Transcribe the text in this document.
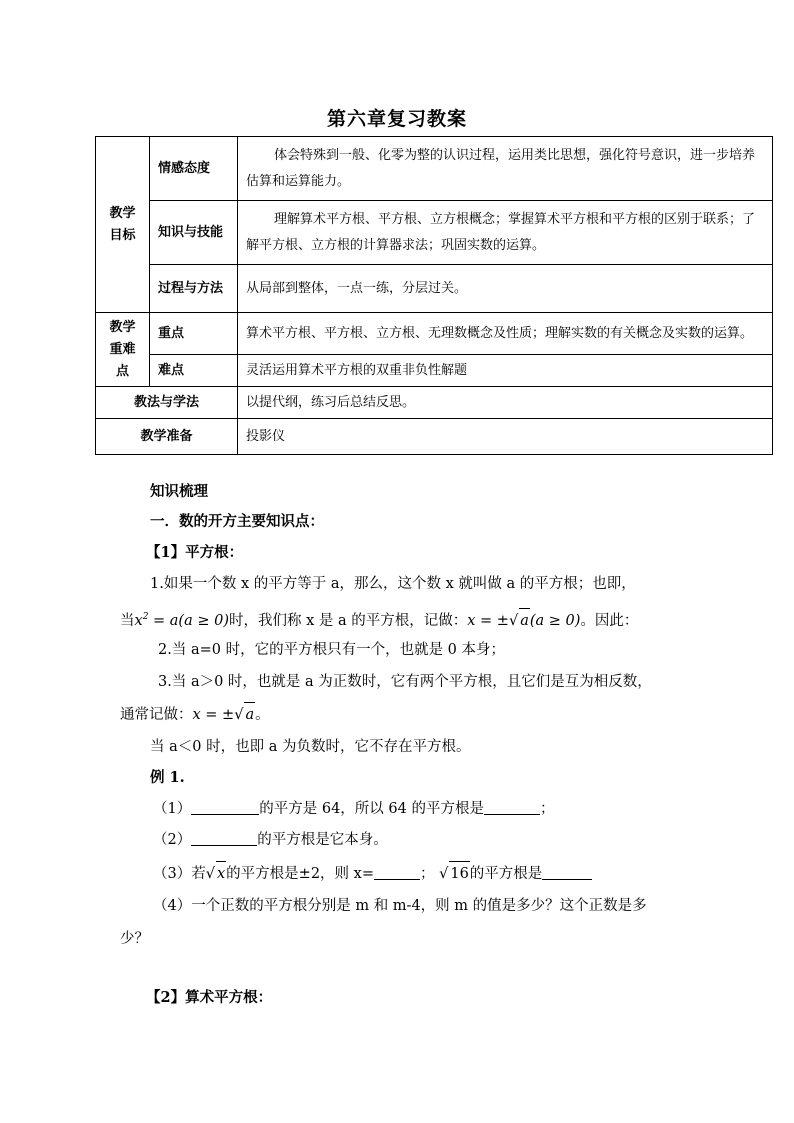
第六章复习教案
教学目标	情感态度	体会特殊到一般、化零为整的认识过程，运用类比思想，强化符号意识，进一步培养估算和运算能力。
	知识与技能	理解算术平方根、平方根、立方根概念；掌握算术平方根和平方根的区别于联系；了解平方根、立方根的计算器求法；巩固实数的运算。
	过程与方法	从局部到整体，一点一练，分层过关。
教学重难点	重点	算术平方根、平方根、立方根、无理数概念及性质；理解实数的有关概念及实数的运算。
	难点	灵活运用算术平方根的双重非负性解题
教法与学法		以提代纲，练习后总结反思。
教学准备		投影仪
知识梳理
一．数的开方主要知识点：
【1】平方根：
1.如果一个数 x 的平方等于 a，那么，这个数 x 就叫做 a 的平方根；也即，
当$x^2 = a(a \ge 0)$时，我们称 x 是 a 的平方根，记做：x = ±√ a(a ≥ 0)。因此：
2.当 a=0 时，它的平方根只有一个，也就是 0 本身；
3.当 a＞0 时，也就是 a 为正数时，它有两个平方根，且它们是互为相反数，
通常记做：x = ±√ a。
当 a＜0 时，也即 a 为负数时，它不存在平方根。
例 1.
（1）	的平方是 64，所以 64 的平方根是	；
（2）	的平方根是它本身。
（3）若√ x的平方根是±2，则 x=	； √ 16的平方根是
（4）一个正数的平方根分别是 m 和 m-4，则 m 的值是多少？这个正数是多
少？
【2】算术平方根：
